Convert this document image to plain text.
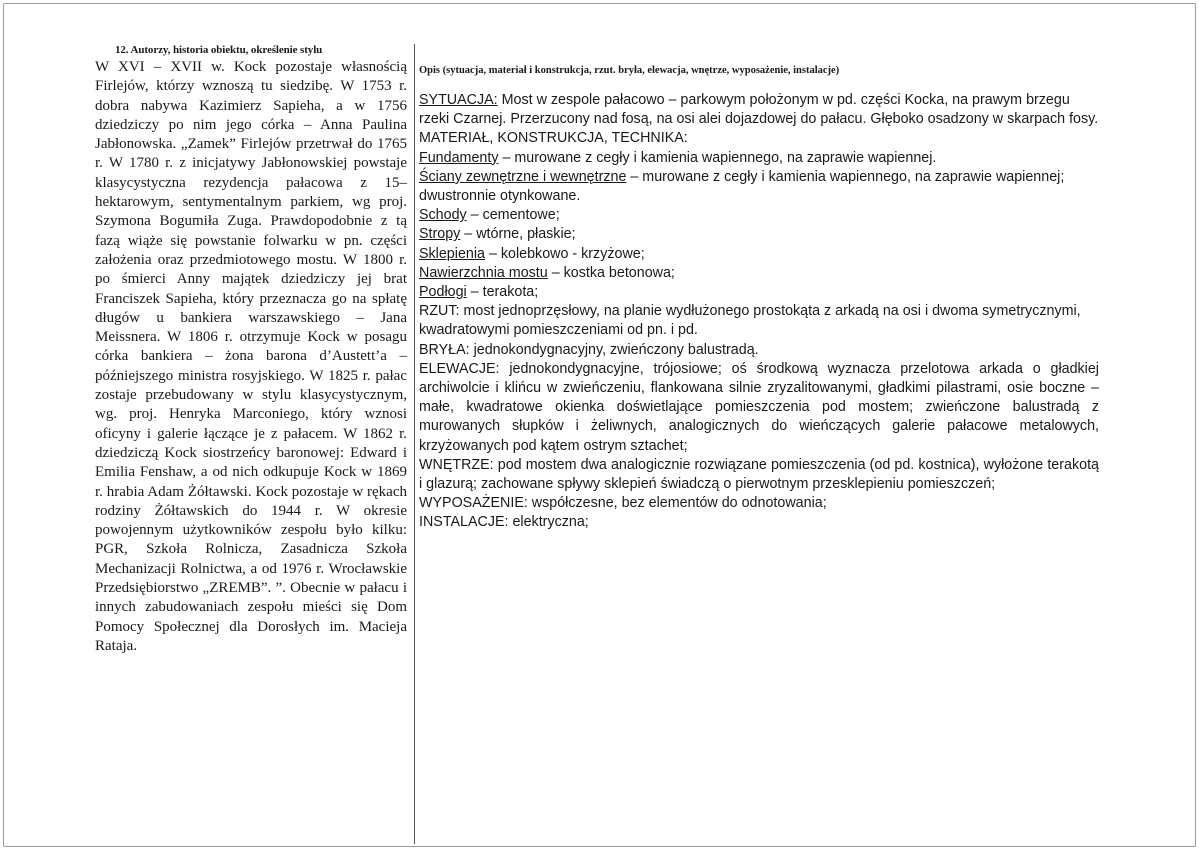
12. Autorzy, historia obiektu, określenie stylu

W XVI – XVII w. Kock pozostaje własnością Firlejów, którzy wznoszą tu siedzibę. W 1753 r. dobra nabywa Kazimierz Sapieha, a w 1756 dziedziczy po nim jego córka – Anna Paulina Jabłonowska. „Zamek” Firlejów przetrwał do 1765 r. W 1780 r. z inicjatywy Jabłonowskiej powstaje klasycystyczna rezydencja pałacowa z 15–hektarowym, sentymentalnym parkiem, wg proj. Szymona Bogumiła Zuga. Prawdopodobnie z tą fazą wiąże się powstanie folwarku w pn. części założenia oraz przedmiotowego mostu. W 1800 r. po śmierci Anny majątek dziedziczy jej brat Franciszek Sapieha, który przeznacza go na spłatę długów u bankiera warszawskiego – Jana Meissnera. W 1806 r. otrzymuje Kock w posagu córka bankiera – żona barona d’Austett’a –późniejszego ministra rosyjskiego. W 1825 r. pałac zostaje przebudowany w stylu klasycystycznym, wg. proj. Henryka Marconiego, który wznosi oficyny i galerie łączące je z pałacem. W 1862 r. dziedziczą Kock siostrzeńcy baronowej: Edward i Emilia Fenshaw, a od nich odkupuje Kock w 1869 r. hrabia Adam Żółtawski. Kock pozostaje w rękach rodziny Żółtawskich do 1944 r. W okresie powojennym użytkowników zespołu było kilku: PGR, Szkoła Rolnicza, Zasadnicza Szkoła Mechanizacji Rolnictwa, a od 1976 r. Wrocławskie Przedsiębiorstwo „ZREMB”. ”. Obecnie w pałacu i innych zabudowaniach zespołu mieści się Dom Pomocy Społecznej dla Dorosłych im. Macieja Rataja.

Opis (sytuacja, materiał i konstrukcja, rzut. bryła, elewacja, wnętrze, wyposażenie, instalacje)

SYTUACJA: Most w zespole pałacowo – parkowym położonym w pd. części Kocka, na prawym brzegu rzeki Czarnej. Przerzucony nad fosą, na osi alei dojazdowej do pałacu. Głęboko osadzony w skarpach fosy.

MATERIAŁ, KONSTRUKCJA, TECHNIKA:

Fundamenty – murowane z cegły i kamienia wapiennego, na zaprawie wapiennej.

Ściany zewnętrzne i wewnętrzne – murowane z cegły i kamienia wapiennego, na zaprawie wapiennej; dwustronnie otynkowane.

Schody – cementowe;

Stropy – wtórne, płaskie;

Sklepienia – kolebkowo - krzyżowe;

Nawierzchnia mostu – kostka betonowa;

Podłogi – terakota;

RZUT: most jednoprzęsłowy, na planie wydłużonego prostokąta z arkadą na osi i dwoma symetrycznymi, kwadratowymi pomieszczeniami od pn. i pd.

BRYŁA: jednokondygnacyjny, zwieńczony balustradą.

ELEWACJE: jednokondygnacyjne, trójosiowe; oś środkową wyznacza przelotowa arkada o gładkiej archiwolcie i klińcu w zwieńczeniu, flankowana silnie zryzalitowanymi, gładkimi pilastrami, osie boczne – małe, kwadratowe okienka doświetlające pomieszczenia pod mostem; zwieńczone balustradą z murowanych słupków i żeliwnych, analogicznych do wieńczących galerie pałacowe metalowych, krzyżowanych pod kątem ostrym sztachet;

WNĘTRZE: pod mostem dwa analogicznie rozwiązane pomieszczenia (od pd. kostnica), wyłożone terakotą i glazurą; zachowane spływy sklepień świadczą o pierwotnym przesklepieniu pomieszczeń;

WYPOSAŻENIE: współczesne, bez elementów do odnotowania;

INSTALACJE: elektryczna;
